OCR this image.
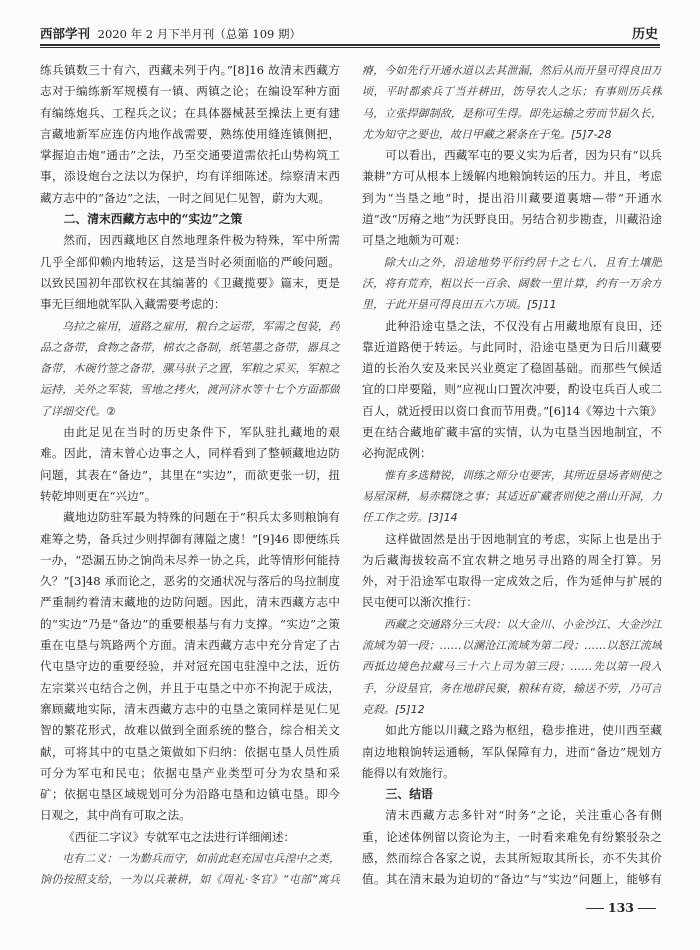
西部学刊 2020 年 2 月下半月刊（总第 109 期）	历史

练兵镇数三十有六，西藏未列于内。”[8]16 故清末西藏方志对于编练新军规模有一镇、两镇之论；在编设军种方面有编练炮兵、工程兵之议；在具体器械甚至操法上更有建言藏地新军应连仿内地作战需要，熟练使用缝连镇侧把，掌握迫击炮“通击”之法，乃至交通要道需依托山势构筑工事，添设炮台之法以为保护，均有详细陈述。综察清末西藏方志中的“备边”之法，一时之间见仁见智，蔚为大观。

二、清末西藏方志中的“实边”之策

然而，因西藏地区自然地理条件极为特殊，军中所需几乎全部仰赖内地转运，这是当时必须面临的严峻问题。以致民国初年邵钦权在其编著的《卫藏揽要》篇末，更是事无巨细地就军队入藏需要考虑的：

乌拉之雇用，道路之雇用，粮台之运带，军需之包装，药品之备带，食物之备带，棉衣之备制，纸笔墨之备带，器具之备带，木碗竹签之备带，骡马驮子之置，军粮之采买，军粮之运持，关外之军装，雪地之拷火，渡河济水等十七个方面都做了详细交代。②

由此足见在当时的历史条件下，军队驻扎藏地的艰难。因此，清末曾心边事之人，同样看到了整顿藏地边防问题，其表在“备边”，其里在“实边”，而欲更张一切，扭转乾坤则更在“兴边”。

藏地边防驻军最为特殊的问题在于“积兵太多则粮饷有难筹之势，备兵过少则捍御有薄隘之虞！”[9]46 即便练兵一办，“恐漏五协之饷尚未尽养一协之兵，此等情形何能持久？”[3]48 承而论之，恶劣的交通状况与落后的鸟拉制度严重制约着清末藏地的边防问题。因此，清末西藏方志中的“实边”乃是“备边”的重要根基与有力支撑。“实边”之策重在屯垦与筑路两个方面。清末西藏方志中充分肯定了古代屯垦守边的重要经验，并对冠充国屯驻湟中之法，近仿左宗棠兴屯结合之例，并且于屯垦之中亦不拘泥于成法，寨顾藏地实际，清末西藏方志中的屯垦之策同样是见仁见智的繁花形式，故难以做到全面系统的整合，综合相关文献，可将其中的屯垦之策做如下归纳：依据屯垦人员性质可分为军屯和民屯；依据屯垦产业类型可分为农垦和采矿；依据屯垦区域规划可分为沿路屯垦和边镇屯垦。即今日观之，其中尚有可取之法。

《西征二字议》专就军屯之法进行详细阐述：

屯有二义：一为勤兵而守，如前此赵充国屯兵湟中之类，饷仍按照支给，一为以兵兼耕，如《周礼·冬官》“屯部”寓兵

瘠，今如先行开通水道以去其泄漏，然后从而开垦可得良田万顷，平时都索兵丁当并耕田，饬导农人之乐；有事则历兵株马，立张捍御制敌，是称可生得。即先运输之劳而节届久长，尤为知守之要也，故日甲藏之紧条在于兔。[5]7-28

可以看出，西藏军屯的要义实为后者，因为只有“以兵兼耕”方可从根本上缓解内地粮饷转运的压力。并且，考虑到为“当垦之地”时，提出沿川藏要道裏塘—带“开通水道”改“厉瘠之地”为沃野良田。另结合初步勘查，川藏沿途可垦之地颇为可观：

除大山之外，沿途地势平衍约居十之七八，且有土壤肥沃，将有荒弃，粗以长一百余、阔数一里计算，约有一万余方里，于此开垦可得良田五六万顷。[5]11

此种沿途屯垦之法，不仅没有占用藏地原有良田，还靠近道路便于转运。与此同时，沿途屯垦更为日后川藏要道的长治久安及来民兴业奠定了稳固基础。而那些气候适宜的口岸要隘，则“应视山口置次冲要，酌设屯兵百人或二百人，就近授田以资口食而节用费。”[6]14《筹边十六策》更在结合藏地矿藏丰富的实情，认为屯垦当因地制宜，不必拘泥成例：

惟有多选精锐，训练之师分屯要害，其所近垦场者则使之易屋深耕，易赤糯饶之事；其适近矿藏者则使之凿山开洞，力任工作之劳。[3]14

这样做固然是出于因地制宜的考虑，实际上也是出于为后藏海拔较高不宜农耕之地另寻出路的周全打算。另外，对于沿途军屯取得一定成效之后，作为延伸与扩展的民屯便可以渐次推行：

西藏之交通路分三大段：以大金川、小金沙江、大金沙江流域为第一段；……以澜沧江流域为第二段；……以怒江流域西抵边境色拉藏马三十六上司为第三段；……先以第一段入手，分设垦官，务在地辟民聚，粮秣有资，输送不劳，乃可言克殺。[5]12

如此方能以川藏之路为枢纽，稳步推进，使川西至藏南边地粮饷转运通畅，军队保障有力，进而“备边”规划方能得以有效施行。

三、结语

清末西藏方志多针对“时务”之论，关注重心各有侧重，论述体例留以资论为主，一时看来难免有纷繁驳杂之感，然而综合各家之说，去其所短取其所长，亦不失其价值。其在清末最为迫切的“备边”与“实边”问题上，能够有

133
